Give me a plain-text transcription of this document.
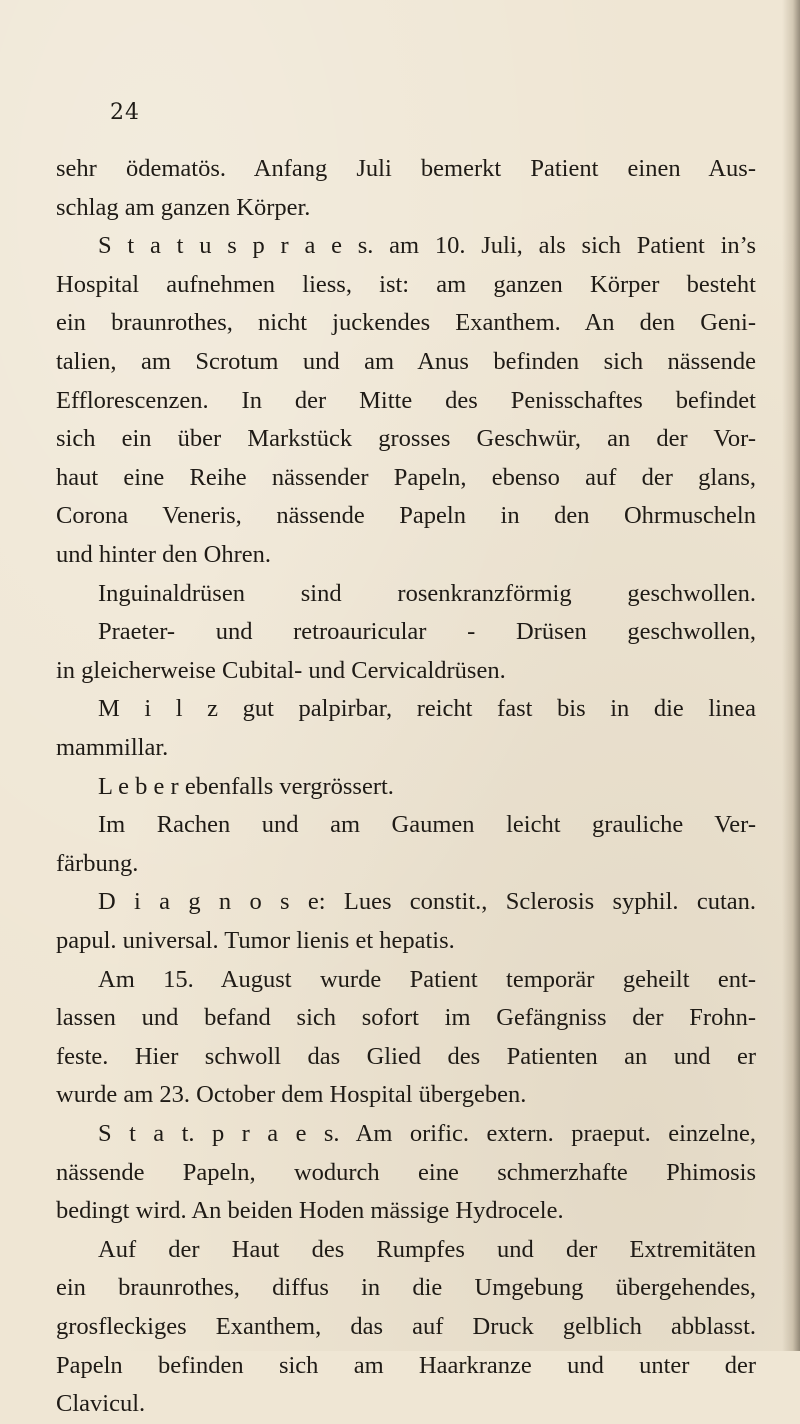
24
sehr ödematös. Anfang Juli bemerkt Patient einen Aus-
schlag am ganzen Körper.
S t a t u s p r a e s. am 10. Juli, als sich Patient in’s
Hospital aufnehmen liess, ist: am ganzen Körper besteht
ein braunrothes, nicht juckendes Exanthem. An den Geni-
talien, am Scrotum und am Anus befinden sich nässende
Efflorescenzen. In der Mitte des Penisschaftes befindet
sich ein über Markstück grosses Geschwür, an der Vor-
haut eine Reihe nässender Papeln, ebenso auf der glans,
Corona Veneris, nässende Papeln in den Ohrmuscheln
und hinter den Ohren.
Inguinaldrüsen sind rosenkranzförmig geschwollen.
Praeter- und retroauricular - Drüsen geschwollen,
in gleicherweise Cubital- und Cervicaldrüsen.
M i l z gut palpirbar, reicht fast bis in die linea
mammillar.
L e b e r ebenfalls vergrössert.
Im Rachen und am Gaumen leicht grauliche Ver-
färbung.
D i a g n o s e: Lues constit., Sclerosis syphil. cutan.
papul. universal. Tumor lienis et hepatis.
Am 15. August wurde Patient temporär geheilt ent-
lassen und befand sich sofort im Gefängniss der Frohn-
feste. Hier schwoll das Glied des Patienten an und er
wurde am 23. October dem Hospital übergeben.
S t a t. p r a e s. Am orific. extern. praeput. einzelne,
nässende Papeln, wodurch eine schmerzhafte Phimosis
bedingt wird. An beiden Hoden mässige Hydrocele.
Auf der Haut des Rumpfes und der Extremitäten
ein braunrothes, diffus in die Umgebung übergehendes,
grosfleckiges Exanthem, das auf Druck gelblich abblasst.
Papeln befinden sich am Haarkranze und unter der
Clavicul.
